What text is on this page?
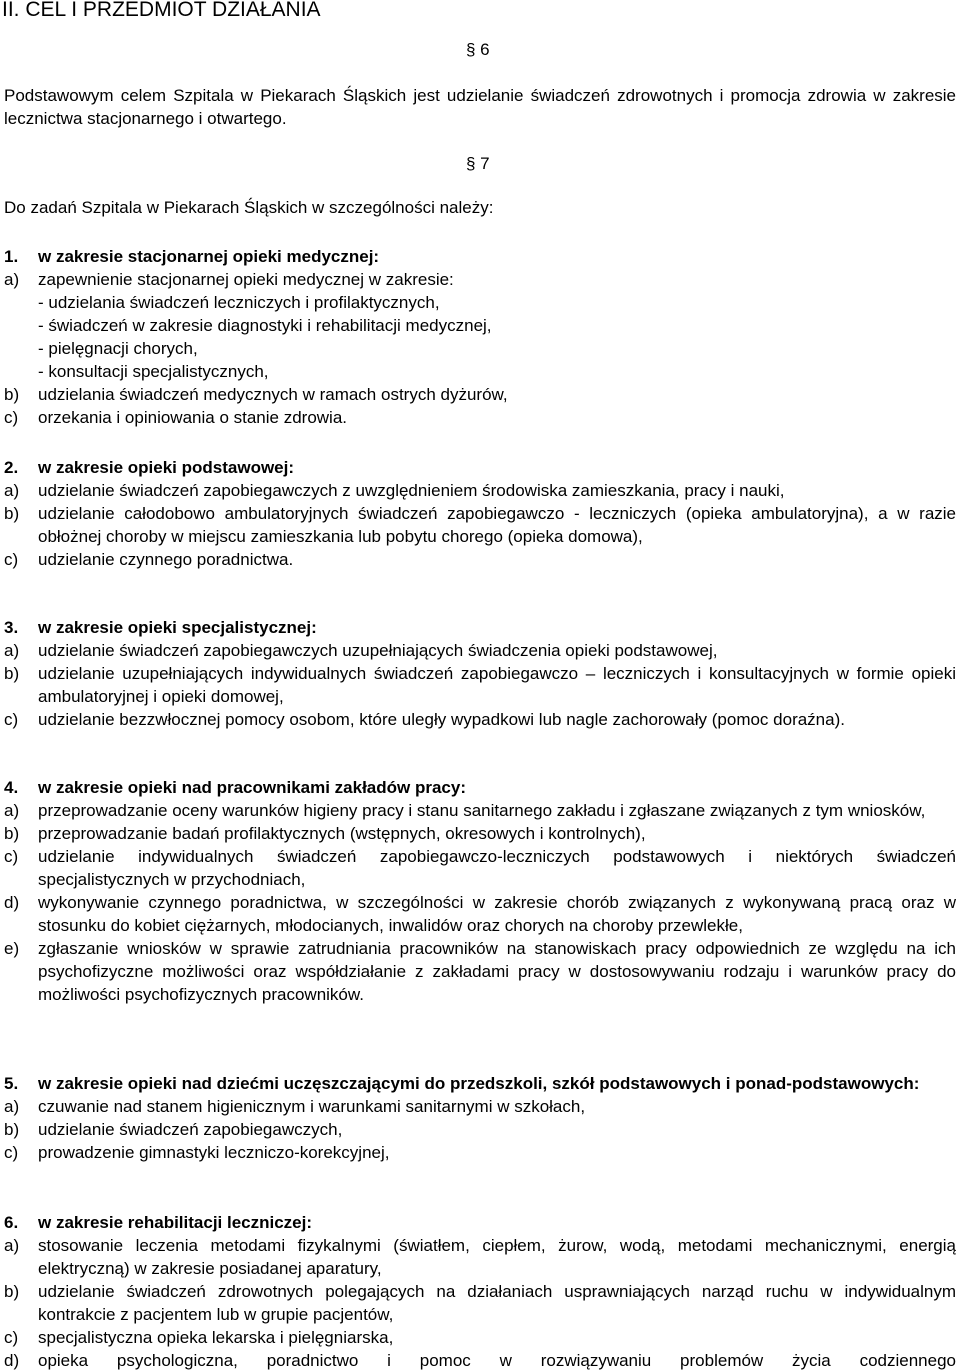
II. CEL I PRZEDMIOT DZIAŁANIA
§ 6

Podstawowym celem Szpitala w Piekarach Śląskich jest udzielanie świadczeń zdrowotnych i promocja zdrowia w zakresie lecznictwa stacjonarnego i otwartego.

§ 7

Do zadań Szpitala w Piekarach Śląskich w szczególności należy:

1.	w zakresie stacjonarnej opieki medycznej:
a)	zapewnienie stacjonarnej opieki medycznej w zakresie:
- udzielania świadczeń leczniczych i profilaktycznych,
- świadczeń w zakresie diagnostyki i rehabilitacji medycznej,
- pielęgnacji chorych,
- konsultacji specjalistycznych,
b)	udzielania świadczeń medycznych w ramach ostrych dyżurów,
c)	orzekania i opiniowania o stanie zdrowia.
2.	w zakresie opieki podstawowej:
a)	udzielanie świadczeń zapobiegawczych z uwzględnieniem środowiska zamieszkania, pracy i nauki,
b)	udzielanie całodobowo ambulatoryjnych świadczeń zapobiegawczo - leczniczych (opieka ambulatoryjna), a w razie obłożnej choroby w miejscu zamieszkania lub pobytu chorego (opieka domowa),
c)	udzielanie czynnego poradnictwa.
3.	w zakresie opieki specjalistycznej:
a)	udzielanie świadczeń zapobiegawczych uzupełniających świadczenia opieki podstawowej,
b)	udzielanie uzupełniających indywidualnych świadczeń zapobiegawczo – leczniczych i konsultacyjnych w formie opieki ambulatoryjnej i opieki domowej,
c)	udzielanie bezzwłocznej pomocy osobom, które uległy wypadkowi lub nagle zachorowały (pomoc doraźna).
4.	w zakresie opieki nad pracownikami zakładów pracy:
a)	przeprowadzanie oceny warunków higieny pracy i stanu sanitarnego zakładu i zgłaszane związanych z tym wniosków,
b)	przeprowadzanie badań profilaktycznych (wstępnych, okresowych i kontrolnych),
c)	udzielanie indywidualnych świadczeń zapobiegawczo-leczniczych podstawowych i niektórych świadczeń specjalistycznych w przychodniach,
d)	wykonywanie czynnego poradnictwa, w szczególności w zakresie chorób związanych z wykonywaną pracą oraz w stosunku do kobiet ciężarnych, młodocianych, inwalidów oraz chorych na choroby przewlekłe,
e)	zgłaszanie wniosków w sprawie zatrudniania pracowników na stanowiskach pracy odpowiednich ze względu na ich psychofizyczne możliwości oraz współdziałanie z zakładami pracy w dostosowywaniu rodzaju i warunków pracy do możliwości psychofizycznych pracowników.
5.	w zakresie opieki nad dziećmi uczęszczającymi do przedszkoli, szkół podstawowych i ponad-podstawowych:
a)	czuwanie nad stanem higienicznym i warunkami sanitarnymi w szkołach,
b)	udzielanie świadczeń zapobiegawczych,
c)	prowadzenie gimnastyki leczniczo-korekcyjnej,
6.	w zakresie rehabilitacji leczniczej:
a)	stosowanie leczenia metodami fizykalnymi (światłem, ciepłem, żurow, wodą, metodami mechanicznymi, energią elektryczną) w zakresie posiadanej aparatury,
b)	udzielanie świadczeń zdrowotnych polegających na działaniach usprawniających narząd ruchu w indywidualnym kontrakcie z pacjentem lub w grupie pacjentów,
c)	specjalistyczna opieka lekarska i pielęgniarska,
d)	opieka psychologiczna, poradnictwo i pomoc w rozwiązywaniu problemów życia codziennego
